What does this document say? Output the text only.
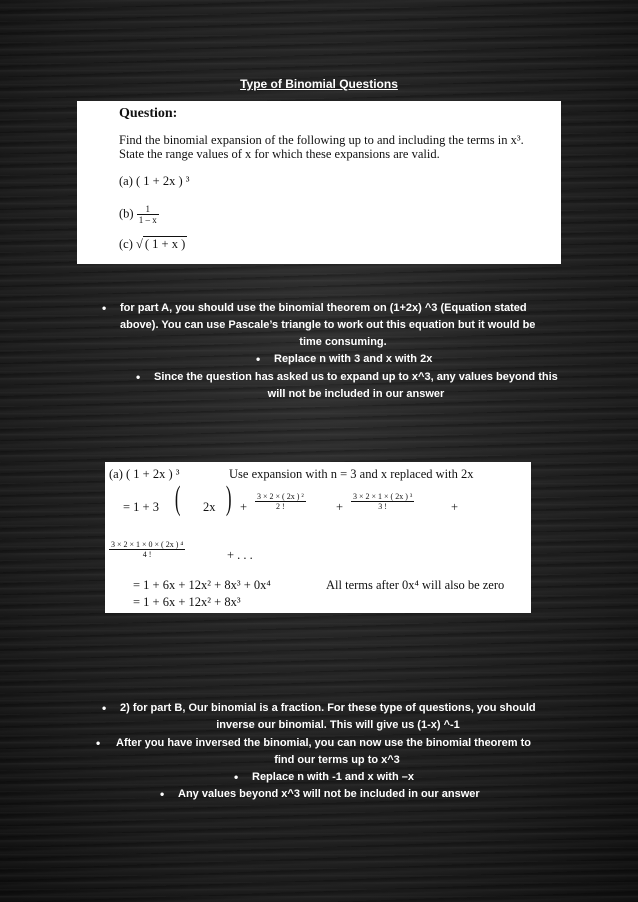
Type of Binomial Questions
Question:
Find the binomial expansion of the following up to and including the terms in x³.
State the range values of x for which these expansions are valid.
(a) ( 1 + 2x ) ³
$(b) \frac{1}{1 - x}$
(c) √ ( 1 + x )
• for part A, you should use the binomial theorem on (1+2x) ^3 (Equation stated
above). You can use Pascale’s triangle to work out this equation but it would be
time consuming.
• Replace n with 3 and x with 2x
• Since the question has asked us to expand up to x^3, any values beyond this
will not be included in our answer
(a) ( 1 + 2x ) ³	Use expansion with n = 3 and x replaced with 2x
= 1 + 3 ( 2x ) + $\frac{\text{3 × 2 × ( 2x ) ²}}{2 !} + \frac{\text{3 × 2 × 1 × ( 2x ) ³}}{3 !}$	+
$\frac{\text{3 × 2 × 1 × 0 × ( 2x ) ⁴}}{4 !}$	+ . . .
= 1 + 6x + 12x² + 8x³ + 0x⁴	All terms after 0x⁴ will also be zero
= 1 + 6x + 12x² + 8x³
• 2) for part B, Our binomial is a fraction. For these type of questions, you should
inverse our binomial. This will give us (1-x) ^-1
• After you have inversed the binomial, you can now use the binomial theorem to
find our terms up to x^3
• Replace n with -1 and x with –x
• Any values beyond x^3 will not be included in our answer
